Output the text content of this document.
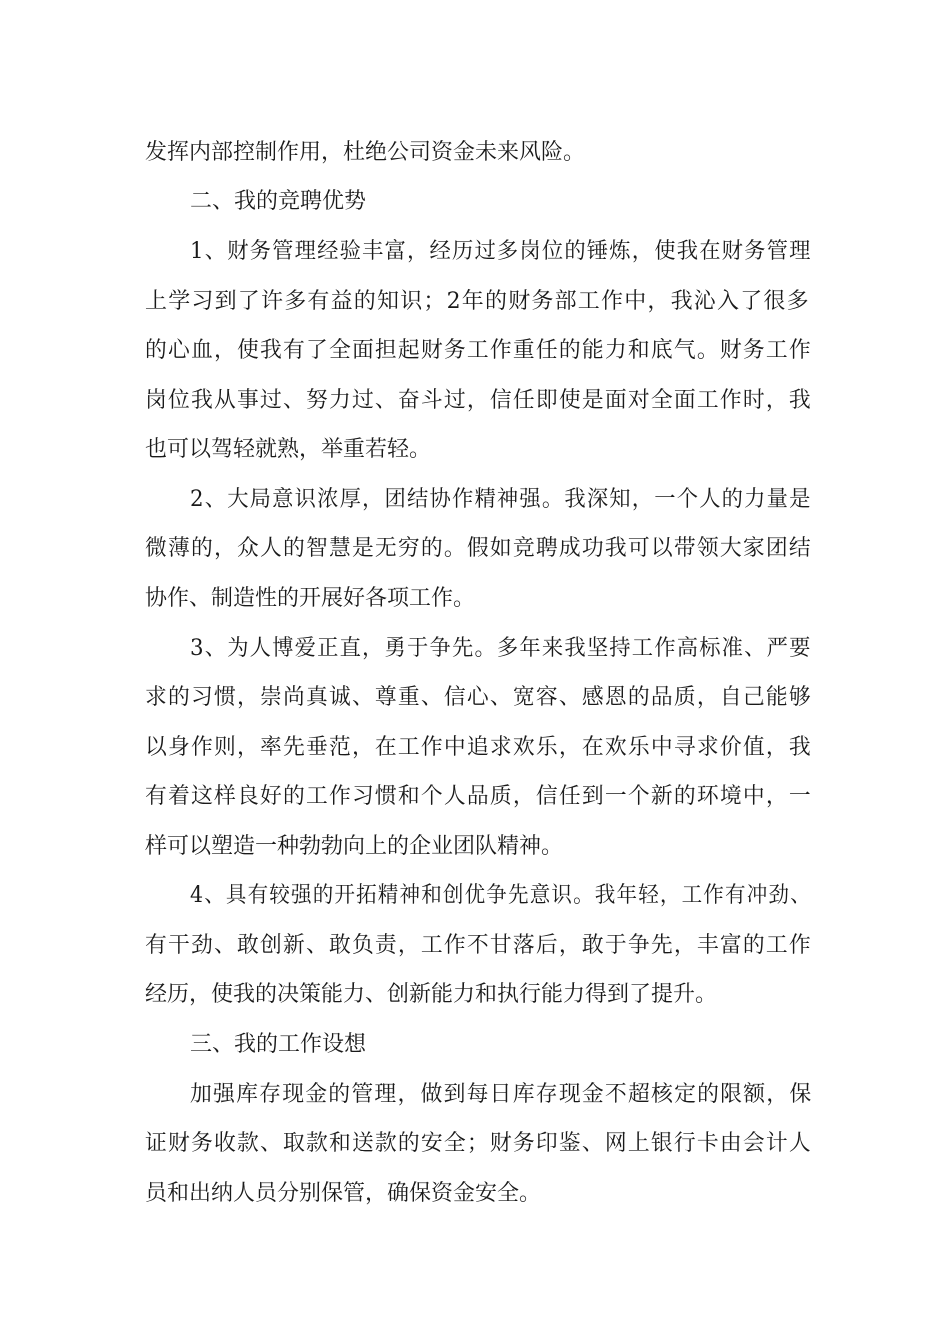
发挥内部控制作用，杜绝公司资金未来风险。
二、我的竞聘优势
1、财务管理经验丰富，经历过多岗位的锤炼，使我在财务管理
上学习到了许多有益的知识；2年的财务部工作中，我沁入了很多
的心血，使我有了全面担起财务工作重任的能力和底气。财务工作
岗位我从事过、努力过、奋斗过，信任即使是面对全面工作时，我
也可以驾轻就熟，举重若轻。
2、大局意识浓厚，团结协作精神强。我深知，一个人的力量是
微薄的，众人的智慧是无穷的。假如竞聘成功我可以带领大家团结
协作、制造性的开展好各项工作。
3、为人博爱正直，勇于争先。多年来我坚持工作高标准、严要
求的习惯，崇尚真诚、尊重、信心、宽容、感恩的品质，自己能够
以身作则，率先垂范，在工作中追求欢乐，在欢乐中寻求价值，我
有着这样良好的工作习惯和个人品质，信任到一个新的环境中，一
样可以塑造一种勃勃向上的企业团队精神。
4、具有较强的开拓精神和创优争先意识。我年轻，工作有冲劲、
有干劲、敢创新、敢负责，工作不甘落后，敢于争先，丰富的工作
经历，使我的决策能力、创新能力和执行能力得到了提升。
三、我的工作设想
加强库存现金的管理，做到每日库存现金不超核定的限额，保
证财务收款、取款和送款的安全；财务印鉴、网上银行卡由会计人
员和出纳人员分别保管，确保资金安全。
